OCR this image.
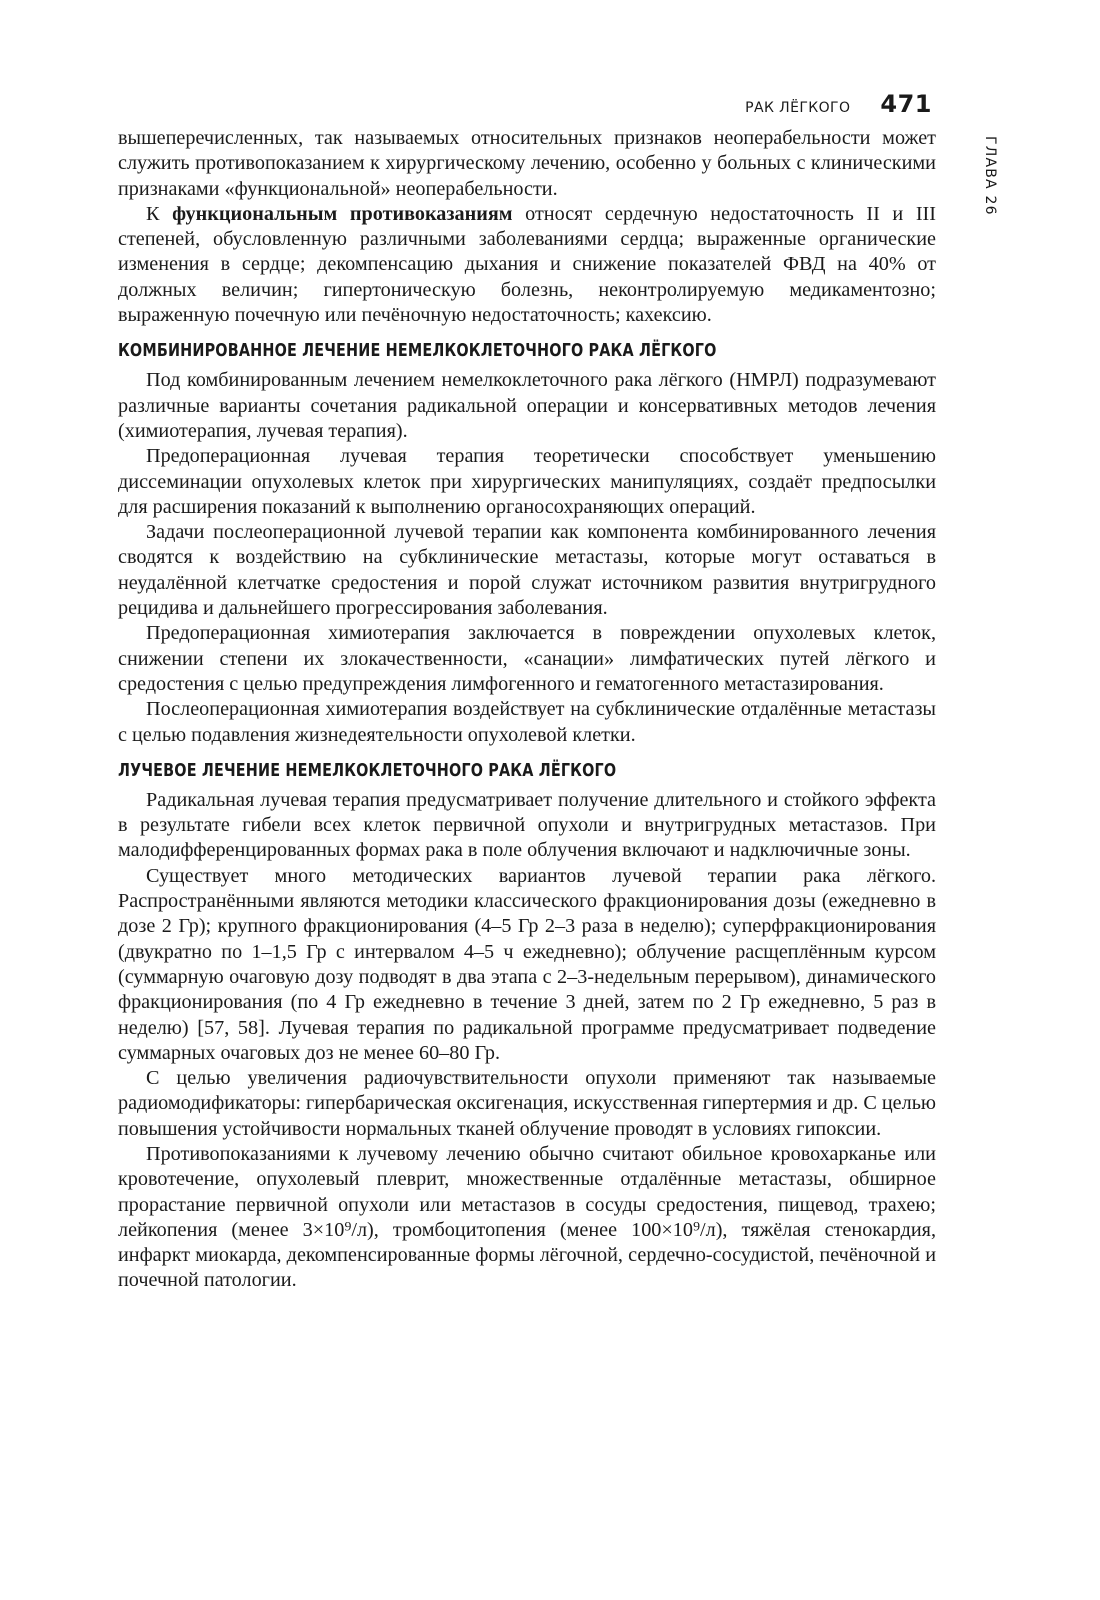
РАК ЛЁГКОГО 471
ГЛАВА 26

вышеперечисленных, так называемых относительных признаков неоперабельности может служить противопоказанием к хирургическому лечению, особенно у больных с клиническими признаками «функциональной» неоперабельности.

К функциональным противоказаниям относят сердечную недостаточность II и III степеней, обусловленную различными заболеваниями сердца; выраженные органические изменения в сердце; декомпенсацию дыхания и снижение показателей ФВД на 40% от должных величин; гипертоническую болезнь, неконтролируемую медикаментозно; выраженную почечную или печёночную недостаточность; кахексию.

КОМБИНИРОВАННОЕ ЛЕЧЕНИЕ НЕМЕЛКОКЛЕТОЧНОГО РАКА ЛЁГКОГО

Под комбинированным лечением немелкоклеточного рака лёгкого (НМРЛ) подразумевают различные варианты сочетания радикальной операции и консервативных методов лечения (химиотерапия, лучевая терапия).

Предоперационная лучевая терапия теоретически способствует уменьшению диссеминации опухолевых клеток при хирургических манипуляциях, создаёт предпосылки для расширения показаний к выполнению органосохраняющих операций.

Задачи послеоперационной лучевой терапии как компонента комбинированного лечения сводятся к воздействию на субклинические метастазы, которые могут оставаться в неудалённой клетчатке средостения и порой служат источником развития внутригрудного рецидива и дальнейшего прогрессирования заболевания.

Предоперационная химиотерапия заключается в повреждении опухолевых клеток, снижении степени их злокачественности, «санации» лимфатических путей лёгкого и средостения с целью предупреждения лимфогенного и гематогенного метастазирования.

Послеоперационная химиотерапия воздействует на субклинические отдалённые метастазы с целью подавления жизнедеятельности опухолевой клетки.

ЛУЧЕВОЕ ЛЕЧЕНИЕ НЕМЕЛКОКЛЕТОЧНОГО РАКА ЛЁГКОГО

Радикальная лучевая терапия предусматривает получение длительного и стойкого эффекта в результате гибели всех клеток первичной опухоли и внутригрудных метастазов. При малодифференцированных формах рака в поле облучения включают и надключичные зоны.

Существует много методических вариантов лучевой терапии рака лёгкого. Распространёнными являются методики классического фракционирования дозы (ежедневно в дозе 2 Гр); крупного фракционирования (4–5 Гр 2–3 раза в неделю); суперфракционирования (двукратно по 1–1,5 Гр с интервалом 4–5 ч ежедневно); облучение расщеплённым курсом (суммарную очаговую дозу подводят в два этапа с 2–3-недельным перерывом), динамического фракционирования (по 4 Гр ежедневно в течение 3 дней, затем по 2 Гр ежедневно, 5 раз в неделю) [57, 58]. Лучевая терапия по радикальной программе предусматривает подведение суммарных очаговых доз не менее 60–80 Гр.

С целью увеличения радиочувствительности опухоли применяют так называемые радиомодификаторы: гипербарическая оксигенация, искусственная гипертермия и др. С целью повышения устойчивости нормальных тканей облучение проводят в условиях гипоксии.

Противопоказаниями к лучевому лечению обычно считают обильное кровохарканье или кровотечение, опухолевый плеврит, множественные отдалённые метастазы, обширное прорастание первичной опухоли или метастазов в сосуды средостения, пищевод, трахею; лейкопения (менее 3×10⁹/л), тромбоцитопения (менее 100×10⁹/л), тяжёлая стенокардия, инфаркт миокарда, декомпенсированные формы лёгочной, сердечно-сосудистой, печёночной и почечной патологии.
